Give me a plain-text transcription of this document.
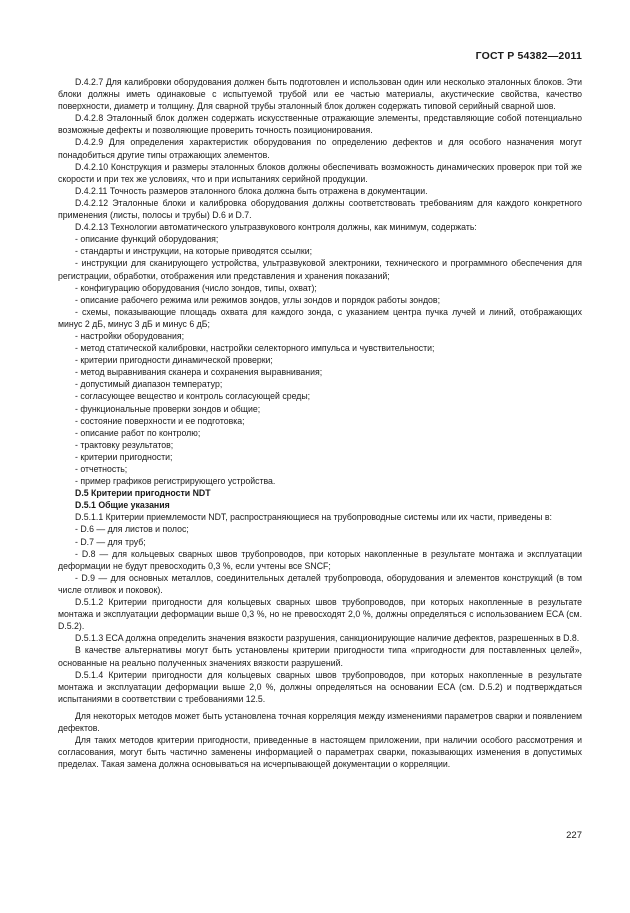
ГОСТ Р 54382—2011

D.4.2.7 Для калибровки оборудования должен быть подготовлен и использован один или несколько эталонных блоков. Эти блоки должны иметь одинаковые с испытуемой трубой или ее частью материалы, акустические свойства, качество поверхности, диаметр и толщину. Для сварной трубы эталонный блок должен содержать типовой серийный сварной шов.

D.4.2.8 Эталонный блок должен содержать искусственные отражающие элементы, представляющие собой потенциально возможные дефекты и позволяющие проверить точность позиционирования.

D.4.2.9 Для определения характеристик оборудования по определению дефектов и для особого назначения могут понадобиться другие типы отражающих элементов.

D.4.2.10 Конструкция и размеры эталонных блоков должны обеспечивать возможность динамических проверок при той же скорости и при тех же условиях, что и при испытаниях серийной продукции.

D.4.2.11 Точность размеров эталонного блока должна быть отражена в документации.

D.4.2.12 Эталонные блоки и калибровка оборудования должны соответствовать требованиям для каждого конкретного применения (листы, полосы и трубы) D.6 и D.7.

D.4.2.13 Технологии автоматического ультразвукового контроля должны, как минимум, содержать:

- описание функций оборудования;

- стандарты и инструкции, на которые приводятся ссылки;

- инструкции для сканирующего устройства, ультразвуковой электроники, технического и программного обеспечения для регистрации, обработки, отображения или представления и хранения показаний;

- конфигурацию оборудования (число зондов, типы, охват);

- описание рабочего режима или режимов зондов, углы зондов и порядок работы зондов;

- схемы, показывающие площадь охвата для каждого зонда, с указанием центра пучка лучей и линий, отображающих минус 2 дБ, минус 3 дБ и минус 6 дБ;

- настройки оборудования;

- метод статической калибровки, настройки селекторного импульса и чувствительности;

- критерии пригодности динамической проверки;

- метод выравнивания сканера и сохранения выравнивания;

- допустимый диапазон температур;

- согласующее вещество и контроль согласующей среды;

- функциональные проверки зондов и общие;

- состояние поверхности и ее подготовка;

- описание работ по контролю;

- трактовку результатов;

- критерии пригодности;

- отчетность;

- пример графиков регистрирующего устройства.

D.5 Критерии пригодности NDT

D.5.1 Общие указания

D.5.1.1 Критерии приемлемости NDT, распространяющиеся на трубопроводные системы или их части, приведены в:

- D.6 — для листов и полос;

- D.7 — для труб;

- D.8 — для кольцевых сварных швов трубопроводов, при которых накопленные в результате монтажа и эксплуатации деформации не будут превосходить 0,3 %, если учтены все SNCF;

- D.9 — для основных металлов, соединительных деталей трубопровода, оборудования и элементов конструкций (в том числе отливок и поковок).

D.5.1.2 Критерии пригодности для кольцевых сварных швов трубопроводов, при которых накопленные в результате монтажа и эксплуатации деформации выше 0,3 %, но не превосходят 2,0 %, должны определяться с использованием ECA (см. D.5.2).

D.5.1.3 ECA должна определить значения вязкости разрушения, санкционирующие наличие дефектов, разрешенных в D.8.

В качестве альтернативы могут быть установлены критерии пригодности типа «пригодности для поставленных целей», основанные на реально полученных значениях вязкости разрушений.

D.5.1.4 Критерии пригодности для кольцевых сварных швов трубопроводов, при которых накопленные в результате монтажа и эксплуатации деформации выше 2,0 %, должны определяться на основании ECA (см. D.5.2) и подтверждаться испытаниями в соответствии с требованиями 12.5.

Для некоторых методов может быть установлена точная корреляция между изменениями параметров сварки и появлением дефектов.

Для таких методов критерии пригодности, приведенные в настоящем приложении, при наличии особого рассмотрения и согласования, могут быть частично заменены информацией о параметрах сварки, показывающих изменения в допустимых пределах. Такая замена должна основываться на исчерпывающей документации о корреляции.

227
